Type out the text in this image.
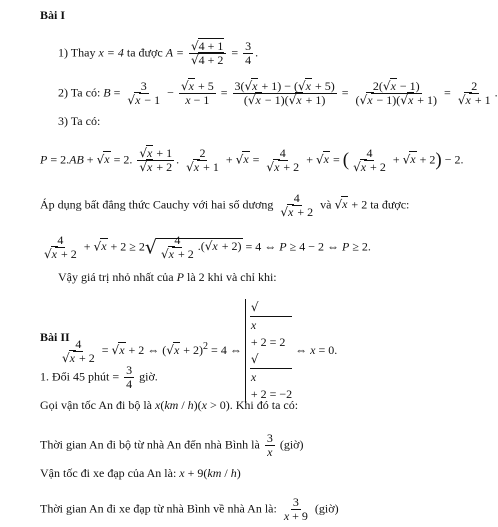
Bài I
1) Thay x = 4 ta được $A = \frac{√4 + 1}{√4 + 2} = \frac{3}{4}$ .
2) Ta có: $B = \frac{3}{√x - 1} - \frac{√x + 5}{x - 1} = \frac{3(√x + 1) - (√x + 5)}{(√x - 1)(√x + 1)} = \frac{2(√x - 1)}{(√x - 1)(√x + 1)} = \frac{2}{√x + 1}$ .
3) Ta có:
P = 2.AB + √x = 2. $\frac{√x + 1}{√x + 2}$ . $\frac{2}{√x + 1} + √x = \frac{4}{√x + 2} + √x$ = ( $\frac{4}{√x + 2} + √x + 2) - 2$.
Áp dụng bất đẳng thức Cauchy với hai số dương $\frac{4}{√x + 2}$ và √x + 2 ta được:
$\frac{4}{√x + 2} + √x + 2 \ge 2√ \frac{4}{√x + 2} .(√x + 2) = 4$ ⇔ P ≥ 4 − 2 ⇔ P ≥ 2.
Vậy giá trị nhỏ nhất của P là 2 khi và chỉ khi:
$\frac{4}{√x + 2} = √x + 2$ ⇔ $(√x + 2)^2 = 4$ ⇔
√
x
+ 2 = 2
√
x
+ 2 = −2
⇔ x = 0.
Bài II
1. Đổi 45 phút = $\frac{3}{4}$ giờ.
Gọi vận tốc An đi bộ là x(km / h)(x > 0). Khi đó ta có:
Thời gian An đi bộ từ nhà An đến nhà Bình là $\frac{3}{x}$ (giờ)
Vận tốc đi xe đạp của An là: x + 9(km / h)
Thời gian An đi xe đạp từ nhà Bình về nhà An là: $\frac{3}{x + 9}$ (giờ)
